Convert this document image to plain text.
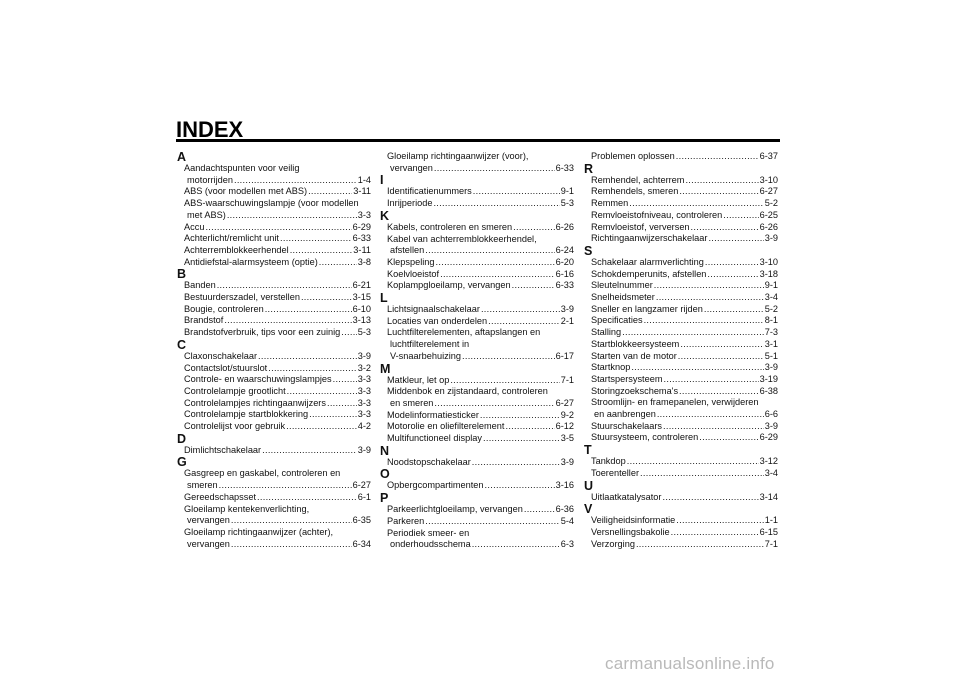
INDEX
A
Aandachtspunten voor veilig
motorrijden .....	1-4
ABS (voor modellen met ABS) .....	3-11
ABS-waarschuwingslampje (voor modellen
met ABS) .....	3-3
Accu .....	6-29
Achterlicht/remlicht unit .....	6-33
Achterremblokkeerhendel .....	3-11
Antidiefstal-alarmsysteem (optie) .....	3-8
B
Banden .....	6-21
Bestuurderszadel, verstellen .....	3-15
Bougie, controleren .....	6-10
Brandstof .....	3-13
Brandstofverbruik, tips voor een zuinig ..... 5-3
C
Claxonschakelaar .....	3-9
Contactslot/stuurslot .....	3-2
Controle- en waarschuwingslampjes .....	3-3
Controlelampje grootlicht .....	3-3
Controlelampjes richtingaanwijzers .....	3-3
Controlelampje startblokkering .....	3-3
Controlelijst voor gebruik .....	4-2
D
Dimlichtschakelaar .....	3-9
G
Gasgreep en gaskabel, controleren en
smeren .....	6-27
Gereedschapsset .....	6-1
Gloeilamp kentekenverlichting,
vervangen .....	6-35
Gloeilamp richtingaanwijzer (achter),
vervangen .....	6-34
Gloeilamp richtingaanwijzer (voor),
vervangen .....	6-33
I
Identificatienummers .....	9-1
Inrijperiode .....	5-3
K
Kabels, controleren en smeren .....	6-26
Kabel van achterremblokkeerhendel,
afstellen .....	6-24
Klepspeling .....	6-20
Koelvloeistof .....	6-16
Koplampgloeilamp, vervangen .....	6-33
L
Lichtsignaalschakelaar .....	3-9
Locaties van onderdelen .....	2-1
Luchtfilterelementen, aftapslangen en
luchtfilterelement in
V-snaarbehuizing .....	6-17
M
Matkleur, let op .....	7-1
Middenbok en zijstandaard, controleren
en smeren .....	6-27
Modelinformatiesticker .....	9-2
Motorolie en oliefilterelement .....	6-12
Multifunctioneel display .....	3-5
N
Noodstopschakelaar .....	3-9
O
Opbergcompartimenten .....	3-16
P
Parkeerlichtgloeilamp, vervangen .....	6-36
Parkeren .....	5-4
Periodiek smeer- en
onderhoudsschema .....	6-3
Problemen oplossen .....	6-37
R
Remhendel, achterrem .....	3-10
Remhendels, smeren .....	6-27
Remmen .....	5-2
Remvloeistofniveau, controleren .....	6-25
Remvloeistof, verversen .....	6-26
Richtingaanwijzerschakelaar .....	3-9
S
Schakelaar alarmverlichting .....	3-10
Schokdemperunits, afstellen .....	3-18
Sleutelnummer .....	9-1
Snelheidsmeter .....	3-4
Sneller en langzamer rijden .....	5-2
Specificaties .....	8-1
Stalling .....	7-3
Startblokkeersysteem .....	3-1
Starten van de motor .....	5-1
Startknop .....	3-9
Startspersysteem .....	3-19
Storingzoekschema's .....	6-38
Stroomlijn- en framepanelen, verwijderen
en aanbrengen .....	6-6
Stuurschakelaars .....	3-9
Stuursysteem, controleren .....	6-29
T
Tankdop .....	3-12
Toerenteller .....	3-4
U
Uitlaatkatalysator .....	3-14
V
Veiligheidsinformatie .....	1-1
Versnellingsbakolie .....	6-15
Verzorging .....	7-1
carmanualsonline.info
